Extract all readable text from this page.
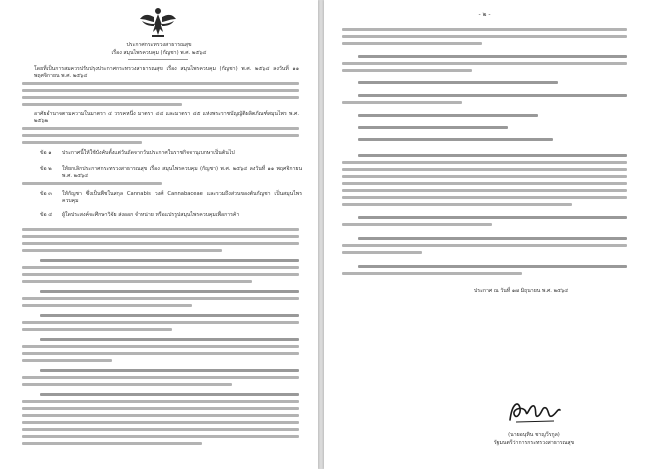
ประกาศกระทรวงสาธารณสุข
เรื่อง สมุนไพรควบคุม (กัญชา) พ.ศ. ๒๕๖๔
โดยที่เป็นการสมควรปรับปรุงประกาศกระทรวงสาธารณสุข เรื่อง สมุนไพรควบคุม (กัญชา) พ.ศ. ๒๕๖๔ ลงวันที่ ๑๑ พฤศจิกายน พ.ศ. ๒๕๖๔
อาศัยอำนาจตามความในมาตรา ๔ วรรคหนึ่ง มาตรา ๔๔ และมาตรา ๔๕ แห่งพระราชบัญญัติผลิตภัณฑ์สมุนไพร พ.ศ. ๒๕๖๒
ข้อ ๑ ประกาศนี้ให้ใช้บังคับตั้งแต่วันถัดจากวันประกาศในราชกิจจานุเบกษาเป็นต้นไป
ข้อ ๒ ให้ยกเลิกประกาศกระทรวงสาธารณสุข เรื่อง สมุนไพรควบคุม (กัญชา) พ.ศ. ๒๕๖๔ ลงวันที่ ๑๑ พฤศจิกายน พ.ศ. ๒๕๖๔
ข้อ ๓ ให้กัญชา ซึ่งเป็นพืชในสกุล Cannabis วงศ์ Cannabaceae และรวมถึงส่วนของต้นกัญชา เป็นสมุนไพรควบคุม
ข้อ ๔ ผู้ใดประสงค์จะศึกษาวิจัย ส่งออก จำหน่าย หรือแปรรูปสมุนไพรควบคุมเพื่อการค้า
- ๒ -
ประกาศ ณ วันที่ ๑๗ มิถุนายน พ.ศ. ๒๕๖๔
(นายอนุทิน ชาญวีรกูล)
รัฐมนตรีว่าการกระทรวงสาธารณสุข
